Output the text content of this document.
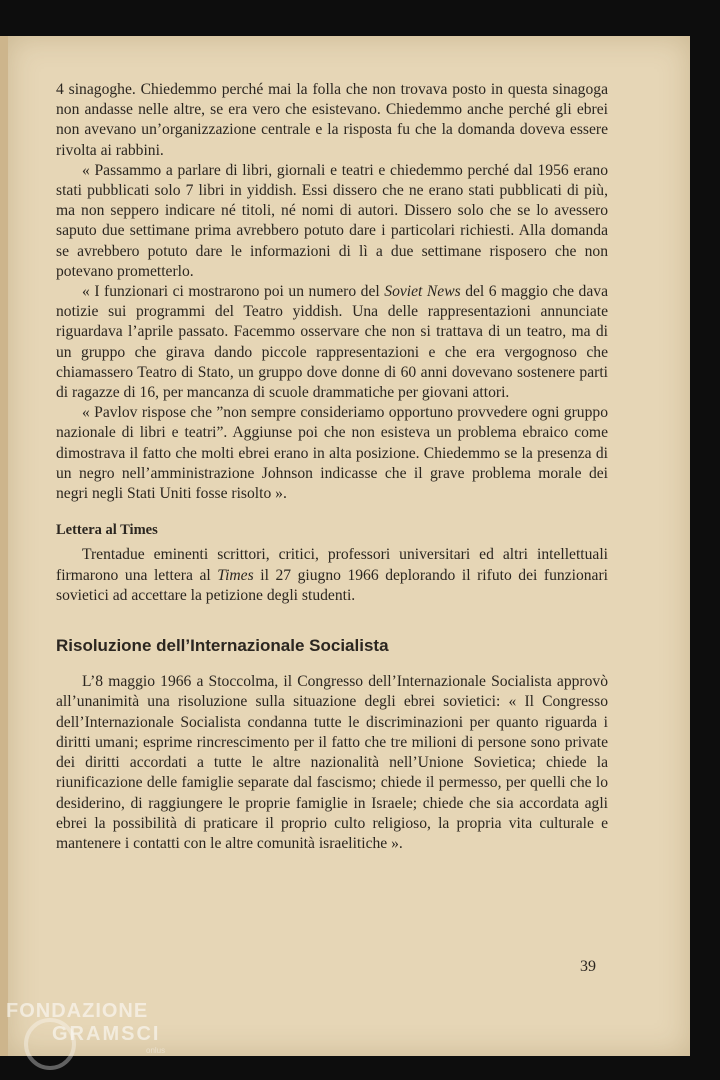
4 sinagoghe. Chiedemmo perché mai la folla che non trovava posto in questa sinagoga non andasse nelle altre, se era vero che esistevano. Chiedemmo anche perché gli ebrei non avevano un’organizzazione centrale e la risposta fu che la domanda doveva essere rivolta ai rabbini.

« Passammo a parlare di libri, giornali e teatri e chiedemmo perché dal 1956 erano stati pubblicati solo 7 libri in yiddish. Essi dissero che ne erano stati pubblicati di più, ma non seppero indicare né titoli, né nomi di autori. Dissero solo che se lo avessero saputo due settimane prima avrebbero potuto dare i particolari richiesti. Alla domanda se avrebbero potuto dare le informazioni di lì a due settimane risposero che non potevano prometterlo.

« I funzionari ci mostrarono poi un numero del Soviet News del 6 maggio che dava notizie sui programmi del Teatro yiddish. Una delle rappresentazioni annunciate riguardava l’aprile passato. Facemmo osservare che non si trattava di un teatro, ma di un gruppo che girava dando piccole rappresentazioni e che era vergognoso che chiamassero Teatro di Stato, un gruppo dove donne di 60 anni dovevano sostenere parti di ragazze di 16, per mancanza di scuole drammatiche per giovani attori.

« Pavlov rispose che ”non sempre consideriamo opportuno provvedere ogni gruppo nazionale di libri e teatri”. Aggiunse poi che non esisteva un problema ebraico come dimostrava il fatto che molti ebrei erano in alta posizione. Chiedemmo se la presenza di un negro nell’amministrazione Johnson indicasse che il grave problema morale dei negri negli Stati Uniti fosse risolto ».

Lettera al Times

Trentadue eminenti scrittori, critici, professori universitari ed altri intellettuali firmarono una lettera al Times il 27 giugno 1966 deplorando il rifuto dei funzionari sovietici ad accettare la petizione degli studenti.

Risoluzione dell’Internazionale Socialista

L’8 maggio 1966 a Stoccolma, il Congresso dell’Internazionale Socialista approvò all’unanimità una risoluzione sulla situazione degli ebrei sovietici: « Il Congresso dell’Internazionale Socialista condanna tutte le discriminazioni per quanto riguarda i diritti umani; esprime rincrescimento per il fatto che tre milioni di persone sono private dei diritti accordati a tutte le altre nazionalità nell’Unione Sovietica; chiede la riunificazione delle famiglie separate dal fascismo; chiede il permesso, per quelli che lo desiderino, di raggiungere le proprie famiglie in Israele; chiede che sia accordata agli ebrei la possibilità di praticare il proprio culto religioso, la propria vita culturale e mantenere i contatti con le altre comunità israelitiche ».

39
FONDAZIONE
GRAMSCI
onlus
